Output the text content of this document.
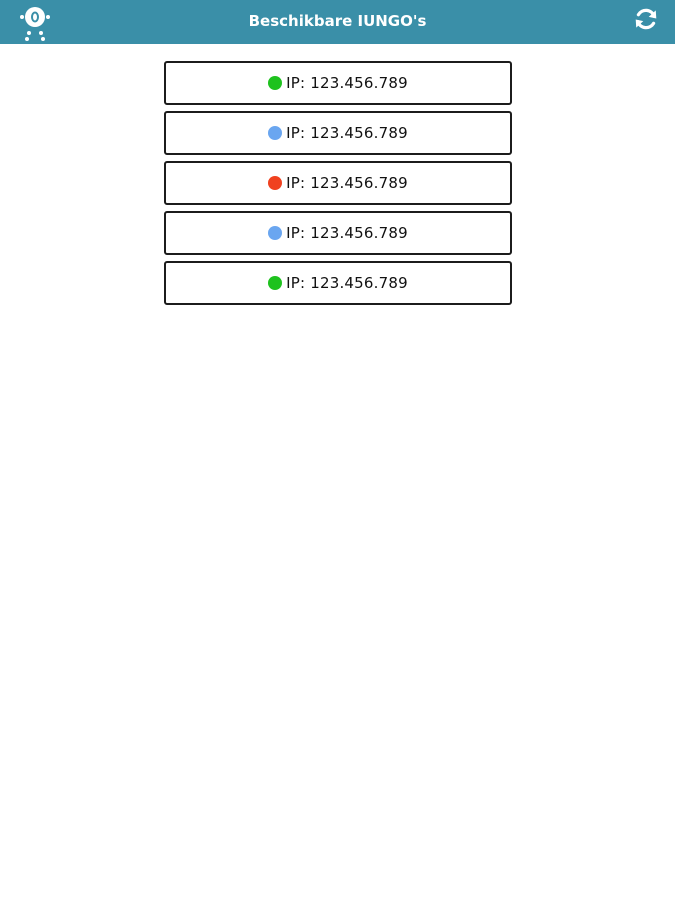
Beschikbare IUNGO's
IP: 123.456.789
IP: 123.456.789
IP: 123.456.789
IP: 123.456.789
IP: 123.456.789
